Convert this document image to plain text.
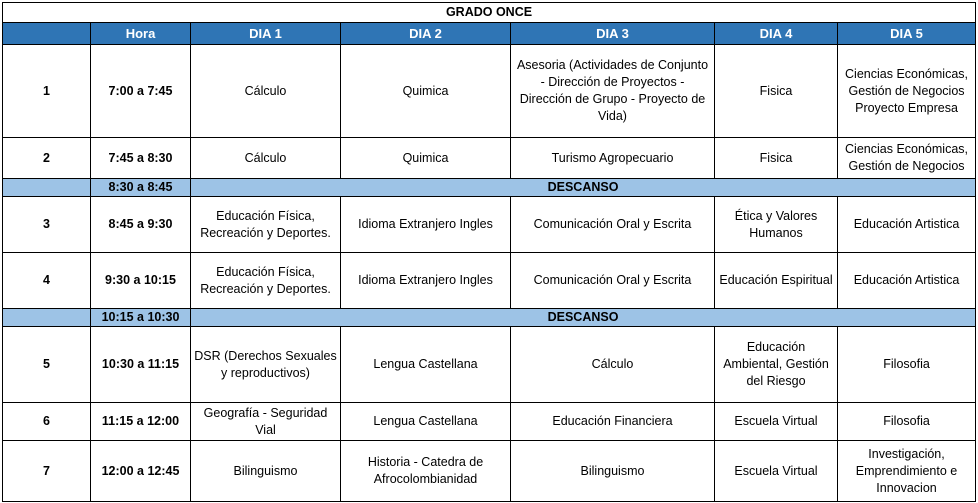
GRADO ONCE						
	Hora	DIA 1	DIA 2	DIA 3	DIA 4	DIA 5
1	7:00 a 7:45	Cálculo	Quimica	Asesoria (Actividades de Conjunto - Dirección de Proyectos - Dirección de Grupo - Proyecto de Vida)	Fisica	Ciencias Económicas, Gestión de Negocios Proyecto Empresa
2	7:45 a 8:30	Cálculo	Quimica	Turismo Agropecuario	Fisica	Ciencias Económicas, Gestión de Negocios
	8:30 a 8:45	DESCANSO				
3	8:45 a 9:30	Educación Física, Recreación y Deportes.	Idioma Extranjero Ingles	Comunicación Oral y Escrita	Ética y Valores Humanos	Educación Artistica
4	9:30 a 10:15	Educación Física, Recreación y Deportes.	Idioma Extranjero Ingles	Comunicación Oral y Escrita	Educación Espiritual	Educación Artistica
	10:15 a 10:30	DESCANSO				
5	10:30 a 11:15	DSR (Derechos Sexuales y reproductivos)	Lengua Castellana	Cálculo	Educación Ambiental, Gestión del Riesgo	Filosofia
6	11:15 a 12:00	Geografía - Seguridad Vial	Lengua Castellana	Educación Financiera	Escuela Virtual	Filosofia
7	12:00 a 12:45	Bilinguismo	Historia - Catedra de Afrocolombianidad	Bilinguismo	Escuela Virtual	Investigación, Emprendimiento e Innovacion
